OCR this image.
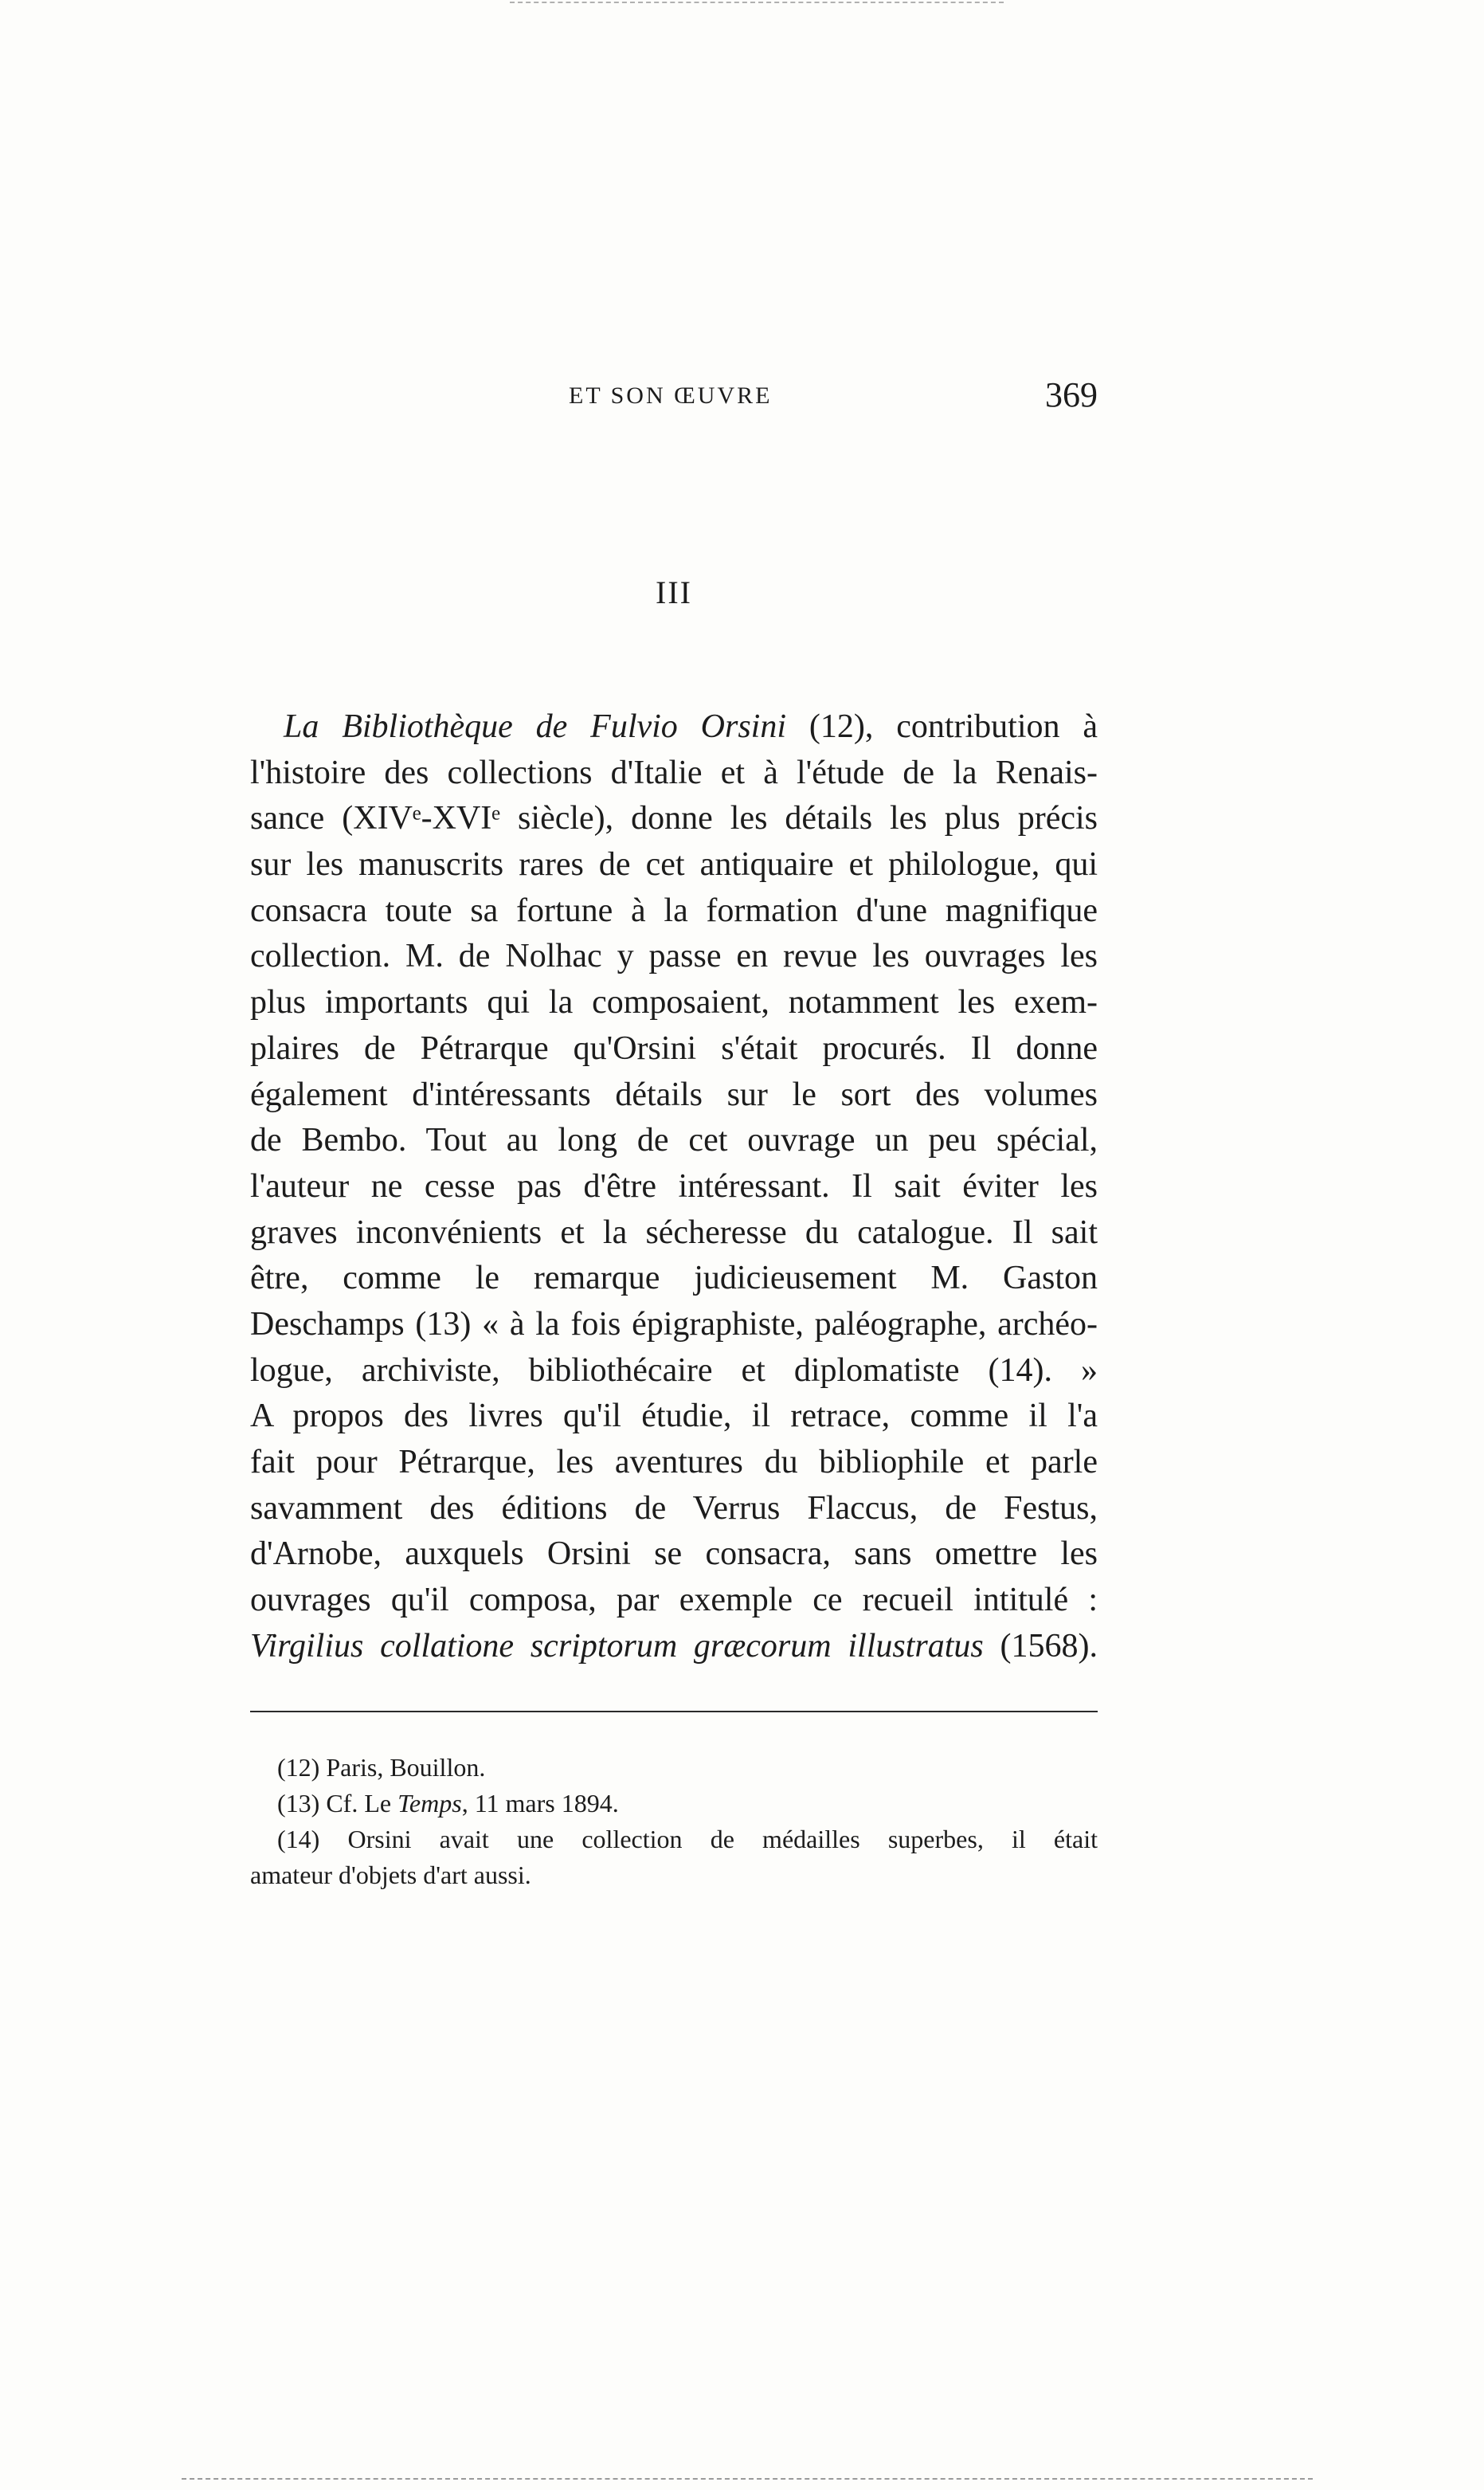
ET SON ŒUVRE	369
III
La Bibliothèque de Fulvio Orsini (12), contribution à
l'histoire des collections d'Italie et à l'étude de la Renais-
sance (XIVᵉ-XVIᵉ siècle), donne les détails les plus précis
sur les manuscrits rares de cet antiquaire et philologue, qui
consacra toute sa fortune à la formation d'une magnifique
collection. M. de Nolhac y passe en revue les ouvrages les
plus importants qui la composaient, notamment les exem-
plaires de Pétrarque qu'Orsini s'était procurés. Il donne
également d'intéressants détails sur le sort des volumes
de Bembo. Tout au long de cet ouvrage un peu spécial,
l'auteur ne cesse pas d'être intéressant. Il sait éviter les
graves inconvénients et la sécheresse du catalogue. Il sait
être, comme le remarque judicieusement M. Gaston
Deschamps (13) « à la fois épigraphiste, paléographe, archéo-
logue, archiviste, bibliothécaire et diplomatiste (14). »
A propos des livres qu'il étudie, il retrace, comme il l'a
fait pour Pétrarque, les aventures du bibliophile et parle
savamment des éditions de Verrus Flaccus, de Festus,
d'Arnobe, auxquels Orsini se consacra, sans omettre les
ouvrages qu'il composa, par exemple ce recueil intitulé :
Virgilius collatione scriptorum græcorum illustratus (1568).
(12) Paris, Bouillon.
(13) Cf. Le Temps, 11 mars 1894.
(14) Orsini avait une collection de médailles superbes, il était
amateur d'objets d'art aussi.
